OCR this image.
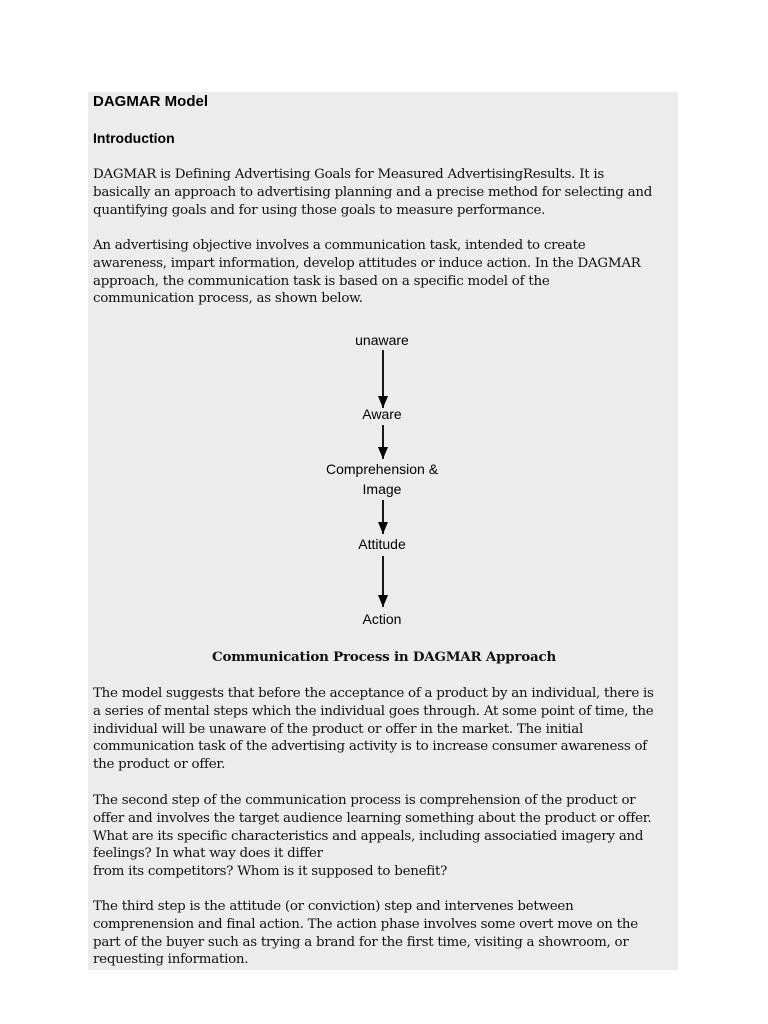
DAGMAR Model
Introduction

DAGMAR is Defining Advertising Goals for Measured AdvertisingResults. It is
basically an approach to advertising planning and a precise method for selecting and
quantifying goals and for using those goals to measure performance.

An advertising objective involves a communication task, intended to create
awareness, impart information, develop attitudes or induce action. In the DAGMAR
approach, the communication task is based on a specific model of the
communication process, as shown below.

unaware
Aware
Comprehension &
Image
Attitude
Action

Communication Process in DAGMAR Approach

The model suggests that before the acceptance of a product by an individual, there is
a series of mental steps which the individual goes through. At some point of time, the
individual will be unaware of the product or offer in the market. The initial
communication task of the advertising activity is to increase consumer awareness of
the product or offer.

The second step of the communication process is comprehension of the product or
offer and involves the target audience learning something about the product or offer.
What are its specific characteristics and appeals, including associatied imagery and
feelings? In what way does it differ
from its competitors? Whom is it supposed to benefit?

The third step is the attitude (or conviction) step and intervenes between
comprenension and final action. The action phase involves some overt move on the
part of the buyer such as trying a brand for the first time, visiting a showroom, or
requesting information.
